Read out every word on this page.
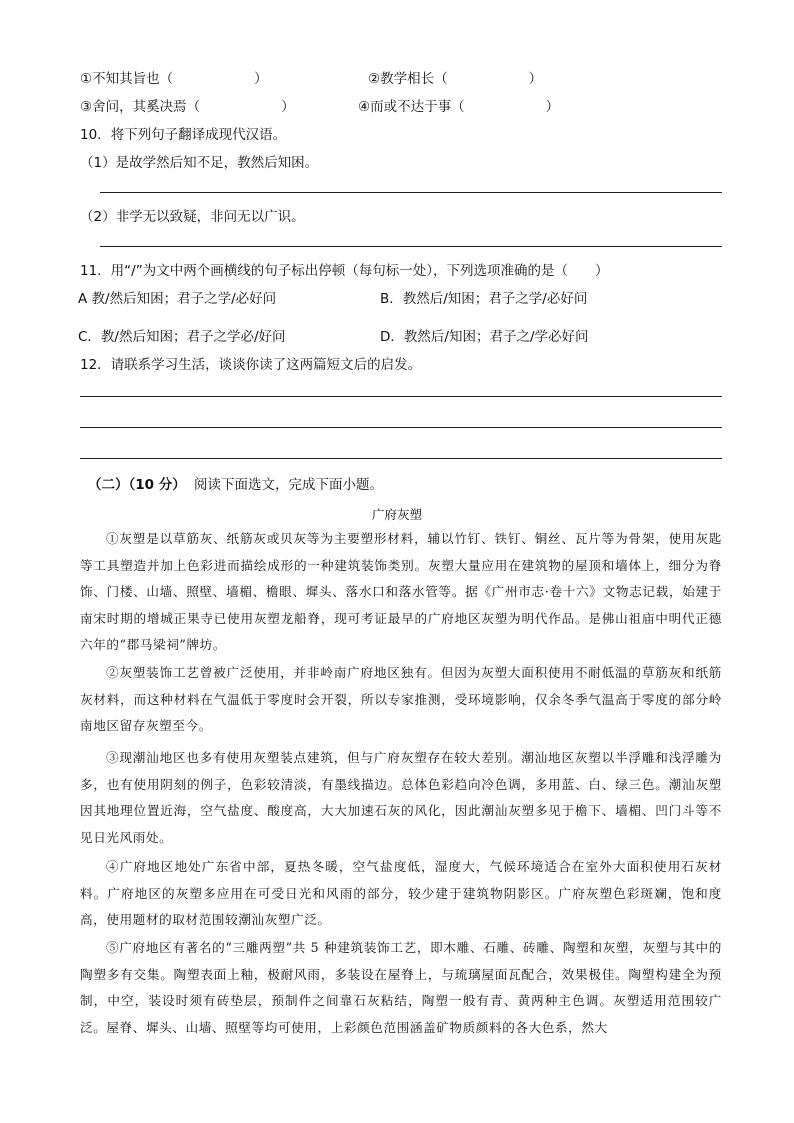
①不知其旨也（　　　　　　）	②教学相长（　　　　　　）
③舍问，其奚决焉（　　　　　　）	④而或不达于事（　　　　　　）
10．将下列句子翻译成现代汉语。
（1）是故学然后知不足，教然后知困。
（2）非学无以致疑，非问无以广识。
11．用“/”为文中两个画横线的句子标出停顿（每句标一处），下列选项准确的是（　　）
A 教/然后知困；君子之学/必好问	B．教然后/知困；君子之学/必好问
C．教/然后知困；君子之学必/好问	D．教然后/知困；君子之/学必好问
12．请联系学习生活，谈谈你读了这两篇短文后的启发。
（二）（10 分） 阅读下面选文，完成下面小题。
广府灰塑

①灰塑是以草筋灰、纸筋灰或贝灰等为主要塑形材料，辅以竹钉、铁钉、铜丝、瓦片等为骨架，使用灰匙等工具塑造并加上色彩进而描绘成形的一种建筑装饰类别。灰塑大量应用在建筑物的屋顶和墙体上，细分为脊饰、门楼、山墙、照壁、墙楣、檐眼、墀头、落水口和落水管等。据《广州市志·卷十六》文物志记载，始建于南宋时期的增城正果寺已使用灰塑龙船脊，现可考证最早的广府地区灰塑为明代作品。是佛山祖庙中明代正德六年的“郡马梁祠”牌坊。

②灰塑装饰工艺曾被广泛使用，并非岭南广府地区独有。但因为灰塑大面积使用不耐低温的草筋灰和纸筋灰材料，而这种材料在气温低于零度时会开裂，所以专家推测，受环境影响，仅余冬季气温高于零度的部分岭南地区留存灰塑至今。

③现潮汕地区也多有使用灰塑装点建筑，但与广府灰塑存在较大差别。潮汕地区灰塑以半浮雕和浅浮雕为多，也有使用阴刻的例子，色彩较清淡，有墨线描边。总体色彩趋向冷色调，多用蓝、白、绿三色。潮汕灰塑因其地理位置近海，空气盐度、酸度高，大大加速石灰的风化，因此潮汕灰塑多见于檐下、墙楣、凹门斗等不见日光风雨处。

④广府地区地处广东省中部，夏热冬暖，空气盐度低，湿度大，气候环境适合在室外大面积使用石灰材料。广府地区的灰塑多应用在可受日光和风雨的部分，较少建于建筑物阴影区。广府灰塑色彩斑斓，饱和度高，使用题材的取材范围较潮汕灰塑广泛。

⑤广府地区有著名的“三雕两塑”共 5 种建筑装饰工艺，即木雕、石雕、砖雕、陶塑和灰塑，灰塑与其中的陶塑多有交集。陶塑表面上釉，极耐风雨，多装设在屋脊上，与琉璃屋面瓦配合，效果极佳。陶塑构建全为预制，中空，装设时须有砖垫层，预制件之间靠石灰粘结，陶塑一般有青、黄两种主色调。灰塑适用范围较广泛。屋脊、墀头、山墙、照壁等均可使用，上彩颜色范围涵盖矿物质颜料的各大色系，然大
